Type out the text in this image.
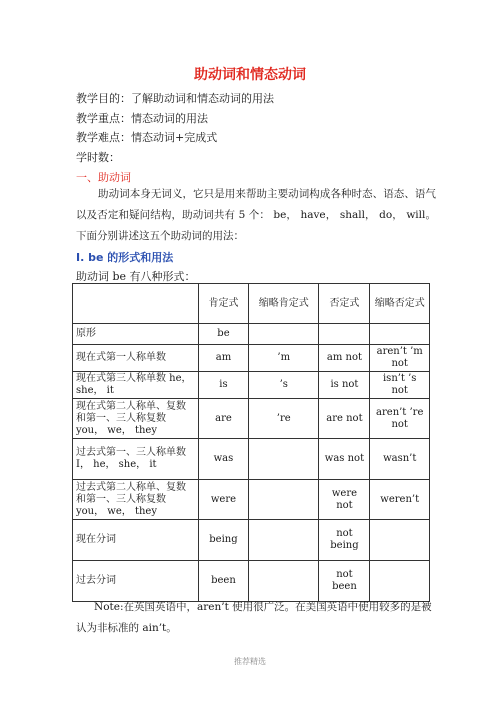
助动词和情态动词
教学目的：了解助动词和情态动词的用法
教学重点：情态动词的用法
教学难点：情态动词+完成式
学时数：
一、助动词
助动词本身无词义，它只是用来帮助主要动词构成各种时态、语态、语气以及否定和疑问结构，助动词共有 5 个： be， have， shall， do， will。下面分别讲述这五个助动词的用法：
Ⅰ. be 的形式和用法
助动词 be 有八种形式：
	肯定式	缩略肯定式	否定式	缩略否定式
原形	be			
现在式第一人称单数	am	’m	am not	aren’t ’m not
现在式第三人称单数 he， she， it	is	’s	is not	isn’t ’s not
现在式第二人称单、复数和第一、三人称复数 you， we， they	are	’re	are not	aren’t ’re not
过去式第一、三人称单数 I， he， she， it	was		was not	wasn’t
过去式第二人称单、复数和第一、三人称复数 you， we， they	were		were not	weren’t
现在分词	being		not being	
过去分词	been		not been	
Note:在英国英语中，aren’t 使用很广泛。在美国英语中使用较多的是被认为非标准的 ain’t。
推荐精选
